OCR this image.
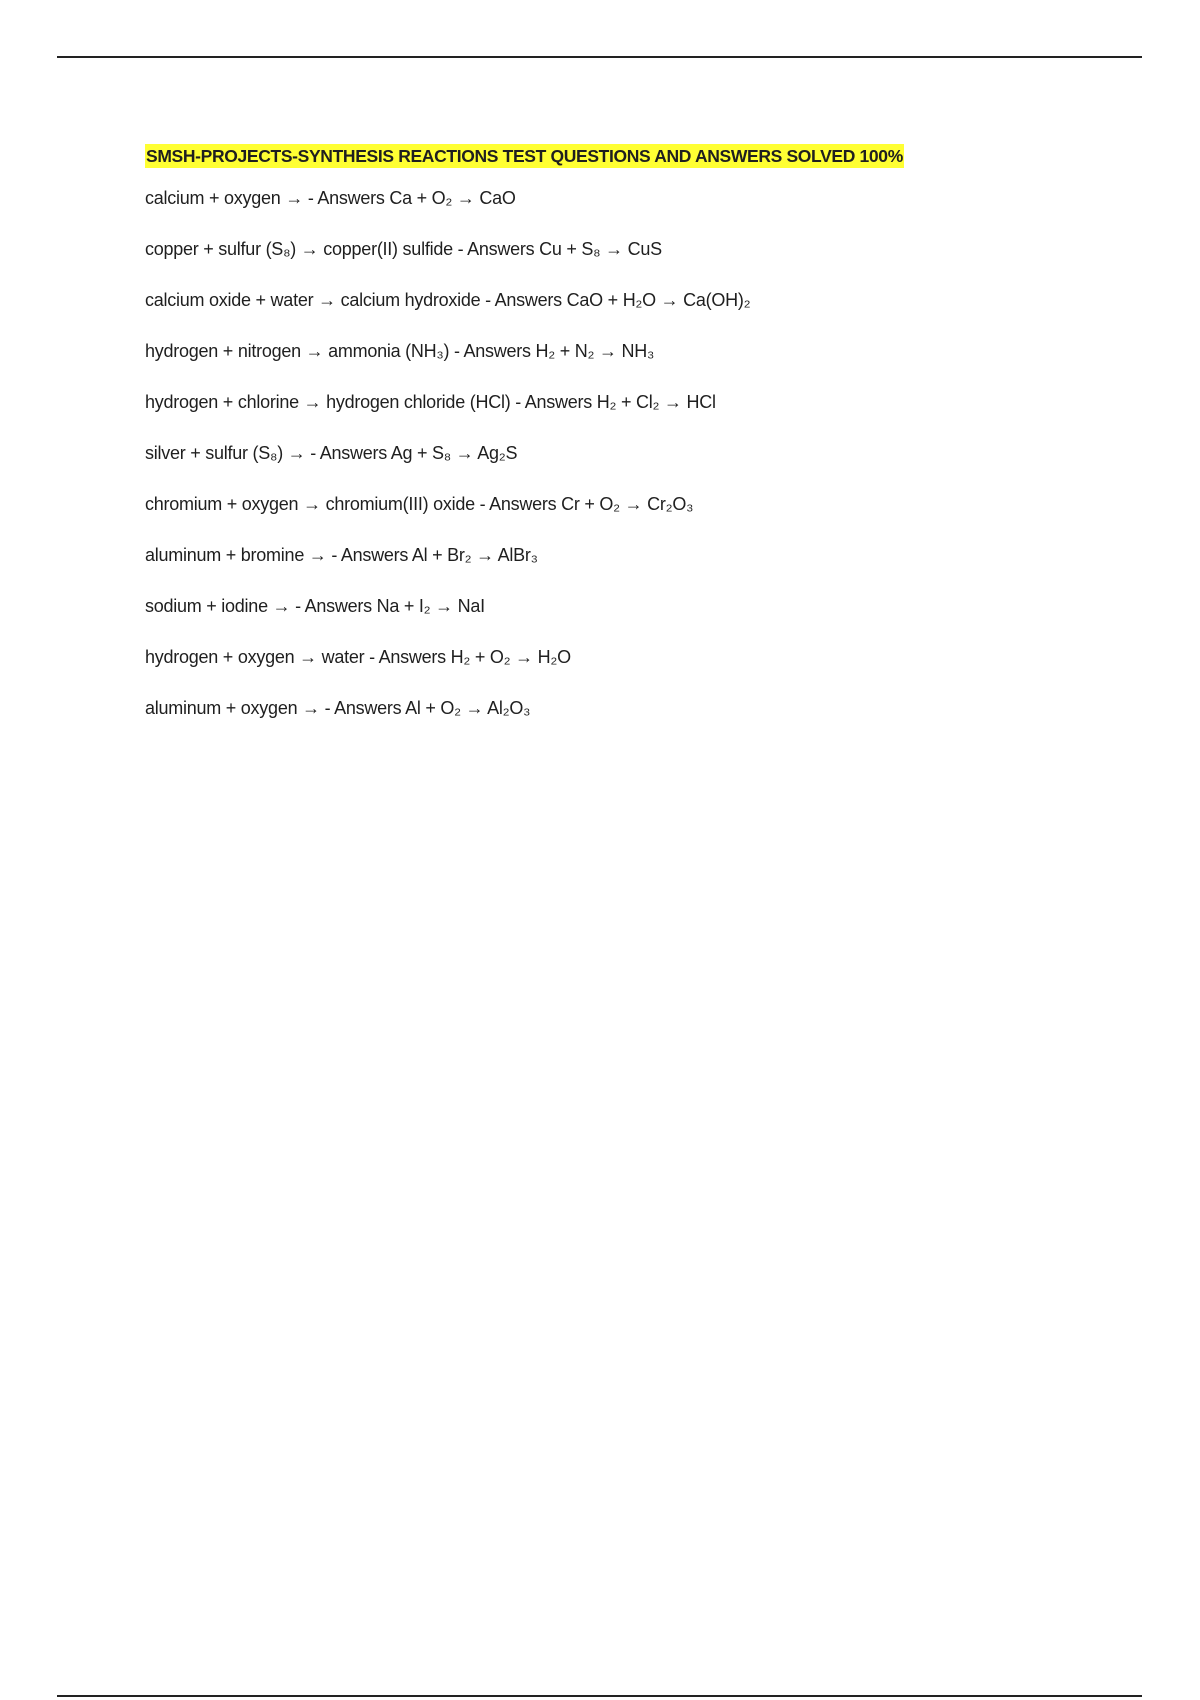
SMSH-PROJECTS-SYNTHESIS REACTIONS TEST QUESTIONS AND ANSWERS SOLVED 100%
calcium + oxygen → - Answers Ca + O₂ → CaO
copper + sulfur (S₈) → copper(II) sulfide - Answers Cu + S₈ → CuS
calcium oxide + water → calcium hydroxide - Answers CaO + H₂O → Ca(OH)₂
hydrogen + nitrogen → ammonia (NH₃) - Answers H₂ + N₂ → NH₃
hydrogen + chlorine → hydrogen chloride (HCl) - Answers H₂ + Cl₂ → HCl
silver + sulfur (S₈) → - Answers Ag + S₈ → Ag₂S
chromium + oxygen → chromium(III) oxide - Answers Cr + O₂ → Cr₂O₃
aluminum + bromine → - Answers Al + Br₂ → AlBr₃
sodium + iodine → - Answers Na + I₂ → NaI
hydrogen + oxygen → water - Answers H₂ + O₂ → H₂O
aluminum + oxygen → - Answers Al + O₂ → Al₂O₃
